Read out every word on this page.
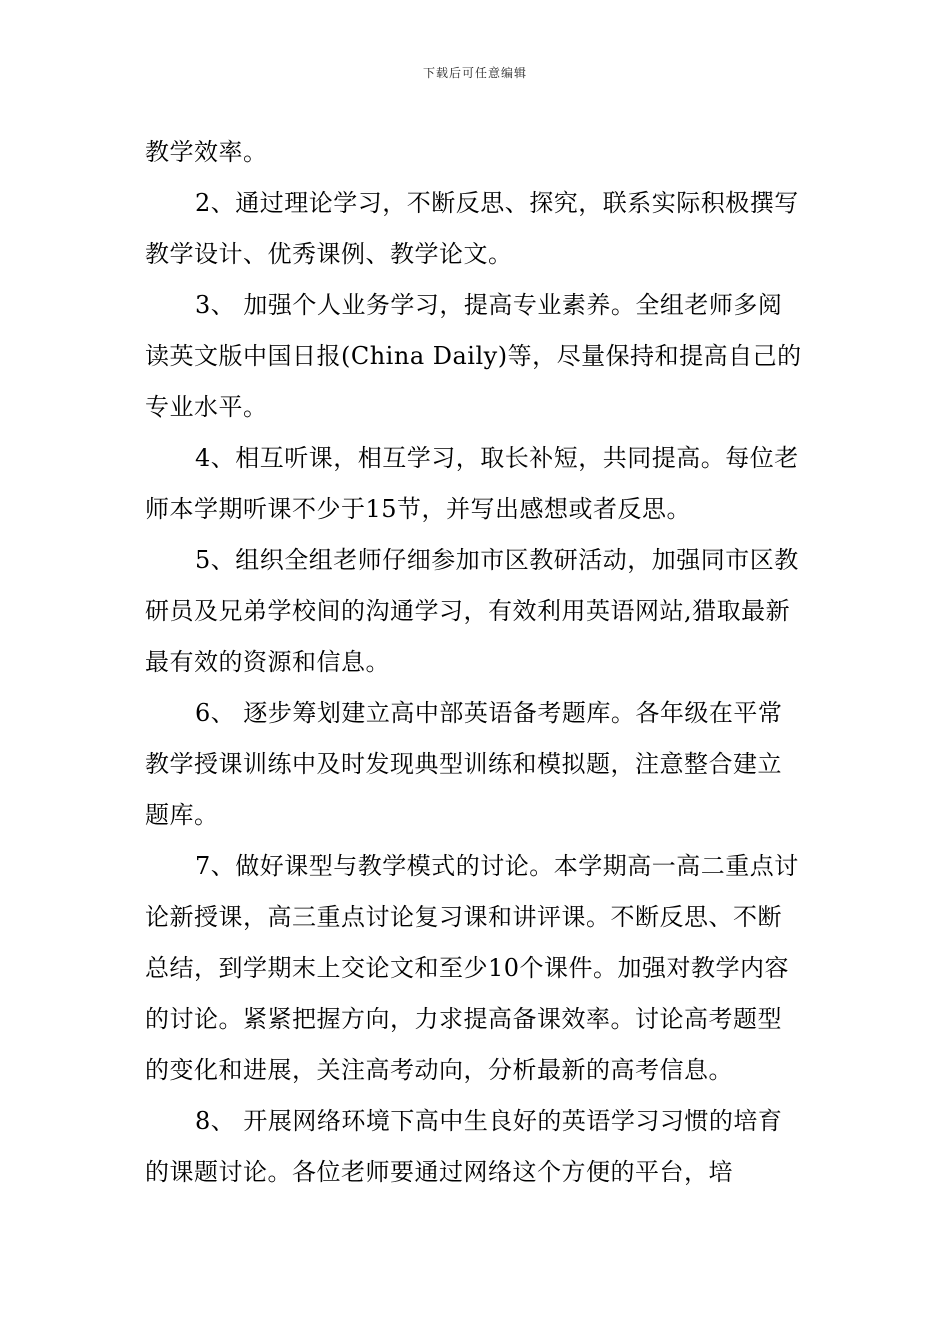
下载后可任意编辑

教学效率。

2、通过理论学习，不断反思、探究，联系实际积极撰写教学设计、优秀课例、教学论文。

3、 加强个人业务学习，提高专业素养。全组老师多阅读英文版中国日报(China Daily)等，尽量保持和提高自己的专业水平。

4、相互听课，相互学习，取长补短，共同提高。每位老师本学期听课不少于15节，并写出感想或者反思。

5、组织全组老师仔细参加市区教研活动，加强同市区教研员及兄弟学校间的沟通学习，有效利用英语网站,猎取最新最有效的资源和信息。

6、 逐步筹划建立高中部英语备考题库。各年级在平常教学授课训练中及时发现典型训练和模拟题，注意整合建立题库。

7、做好课型与教学模式的讨论。本学期高一高二重点讨论新授课，高三重点讨论复习课和讲评课。不断反思、不断总结，到学期末上交论文和至少10个课件。加强对教学内容的讨论。紧紧把握方向，力求提高备课效率。讨论高考题型的变化和进展，关注高考动向，分析最新的高考信息。

8、 开展网络环境下高中生良好的英语学习习惯的培育的课题讨论。各位老师要通过网络这个方便的平台，培
